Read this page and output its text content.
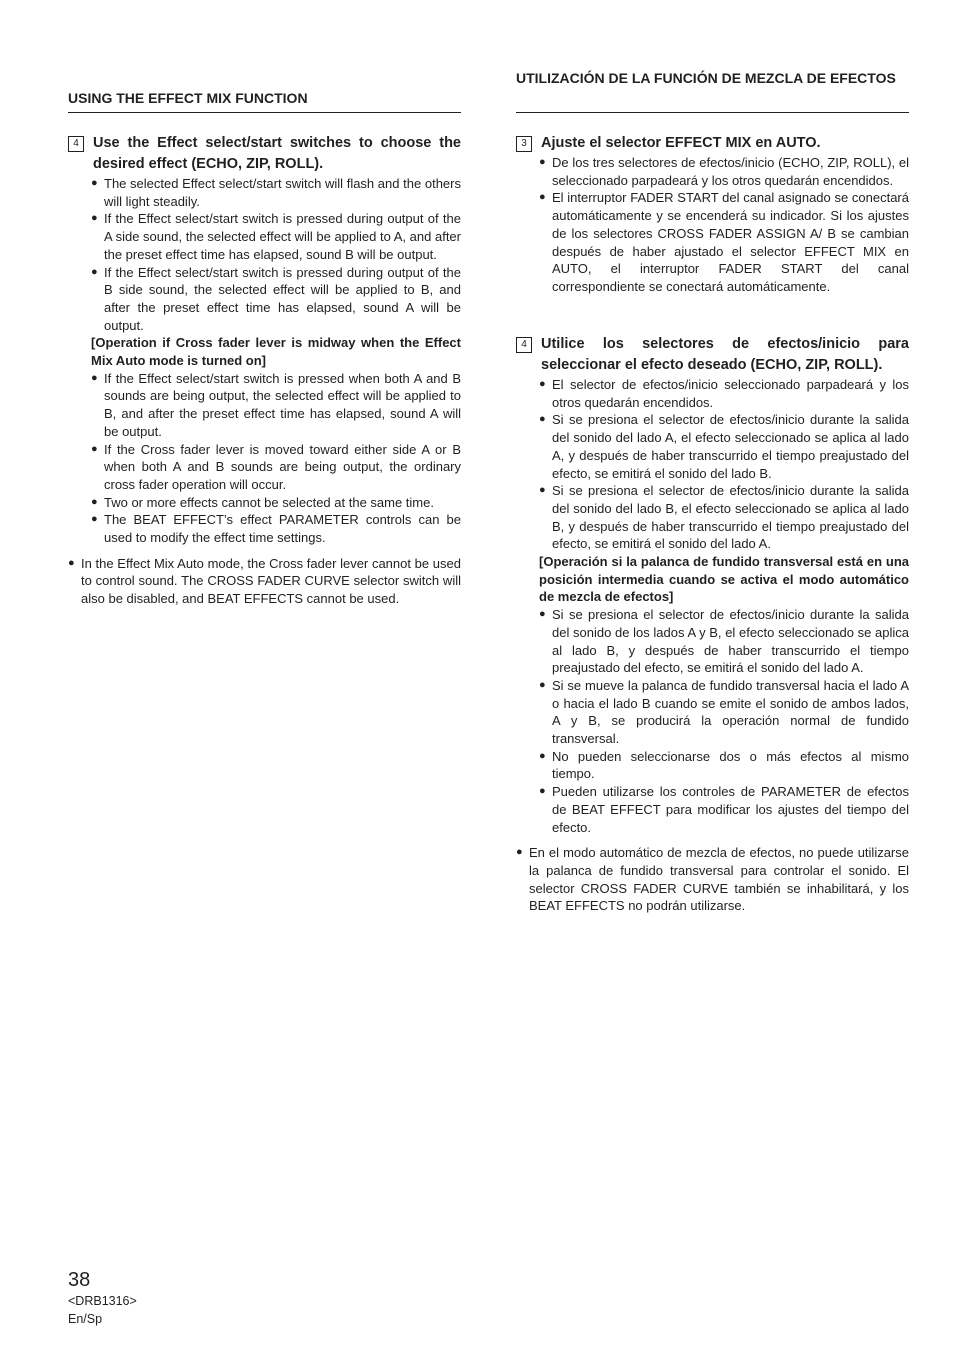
USING THE EFFECT MIX FUNCTION
4 Use the Effect select/start switches to choose the desired effect (ECHO, ZIP, ROLL).
● The selected Effect select/start switch will flash and the others will light steadily.
● If the Effect select/start switch is pressed during output of the A side sound, the selected effect will be applied to A, and after the preset effect time has elapsed, sound B will be output.
● If the Effect select/start switch is pressed during output of the B side sound, the selected effect will be applied to B, and after the preset effect time has elapsed, sound A will be output.
[Operation if Cross fader lever is midway when the Effect Mix Auto mode is turned on]
● If the Effect select/start switch is pressed when both A and B sounds are being output, the selected effect will be applied to B, and after the preset effect time has elapsed, sound A will be output.
● If the Cross fader lever is moved toward either side A or B when both A and B sounds are being output, the ordinary cross fader operation will occur.
● Two or more effects cannot be selected at the same time.
● The BEAT EFFECT’s effect PARAMETER controls can be used to modify the effect time settings.
● In the Effect Mix Auto mode, the Cross fader lever cannot be used to control sound. The CROSS FADER CURVE selector switch will also be disabled, and BEAT EFFECTS cannot be used.
UTILIZACIÓN DE LA FUNCIÓN DE MEZCLA DE EFECTOS
3 Ajuste el selector EFFECT MIX en AUTO.
● De los tres selectores de efectos/inicio (ECHO, ZIP, ROLL), el seleccionado parpadeará y los otros quedarán encendidos.
● El interruptor FADER START del canal asignado se conectará automáticamente y se encenderá su indicador. Si los ajustes de los selectores CROSS FADER ASSIGN A/ B se cambian después de haber ajustado el selector EFFECT MIX en AUTO, el interruptor FADER START del canal correspondiente se conectará automáticamente.
4 Utilice los selectores de efectos/inicio para seleccionar el efecto deseado (ECHO, ZIP, ROLL).
● El selector de efectos/inicio seleccionado parpadeará y los otros quedarán encendidos.
● Si se presiona el selector de efectos/inicio durante la salida del sonido del lado A, el efecto seleccionado se aplica al lado A, y después de haber transcurrido el tiempo preajustado del efecto, se emitirá el sonido del lado B.
● Si se presiona el selector de efectos/inicio durante la salida del sonido del lado B, el efecto seleccionado se aplica al lado B, y después de haber transcurrido el tiempo preajustado del efecto, se emitirá el sonido del lado A.
[Operación si la palanca de fundido transversal está en una posición intermedia cuando se activa el modo automático de mezcla de efectos]
● Si se presiona el selector de efectos/inicio durante la salida del sonido de los lados A y B, el efecto seleccionado se aplica al lado B, y después de haber transcurrido el tiempo preajustado del efecto, se emitirá el sonido del lado A.
● Si se mueve la palanca de fundido transversal hacia el lado A o hacia el lado B cuando se emite el sonido de ambos lados, A y B, se producirá la operación normal de fundido transversal.
● No pueden seleccionarse dos o más efectos al mismo tiempo.
● Pueden utilizarse los controles de PARAMETER de efectos de BEAT EFFECT para modificar los ajustes del tiempo del efecto.
● En el modo automático de mezcla de efectos, no puede utilizarse la palanca de fundido transversal para controlar el sonido. El selector CROSS FADER CURVE también se inhabilitará, y los BEAT EFFECTS no podrán utilizarse.
38
<DRB1316>
En/Sp
